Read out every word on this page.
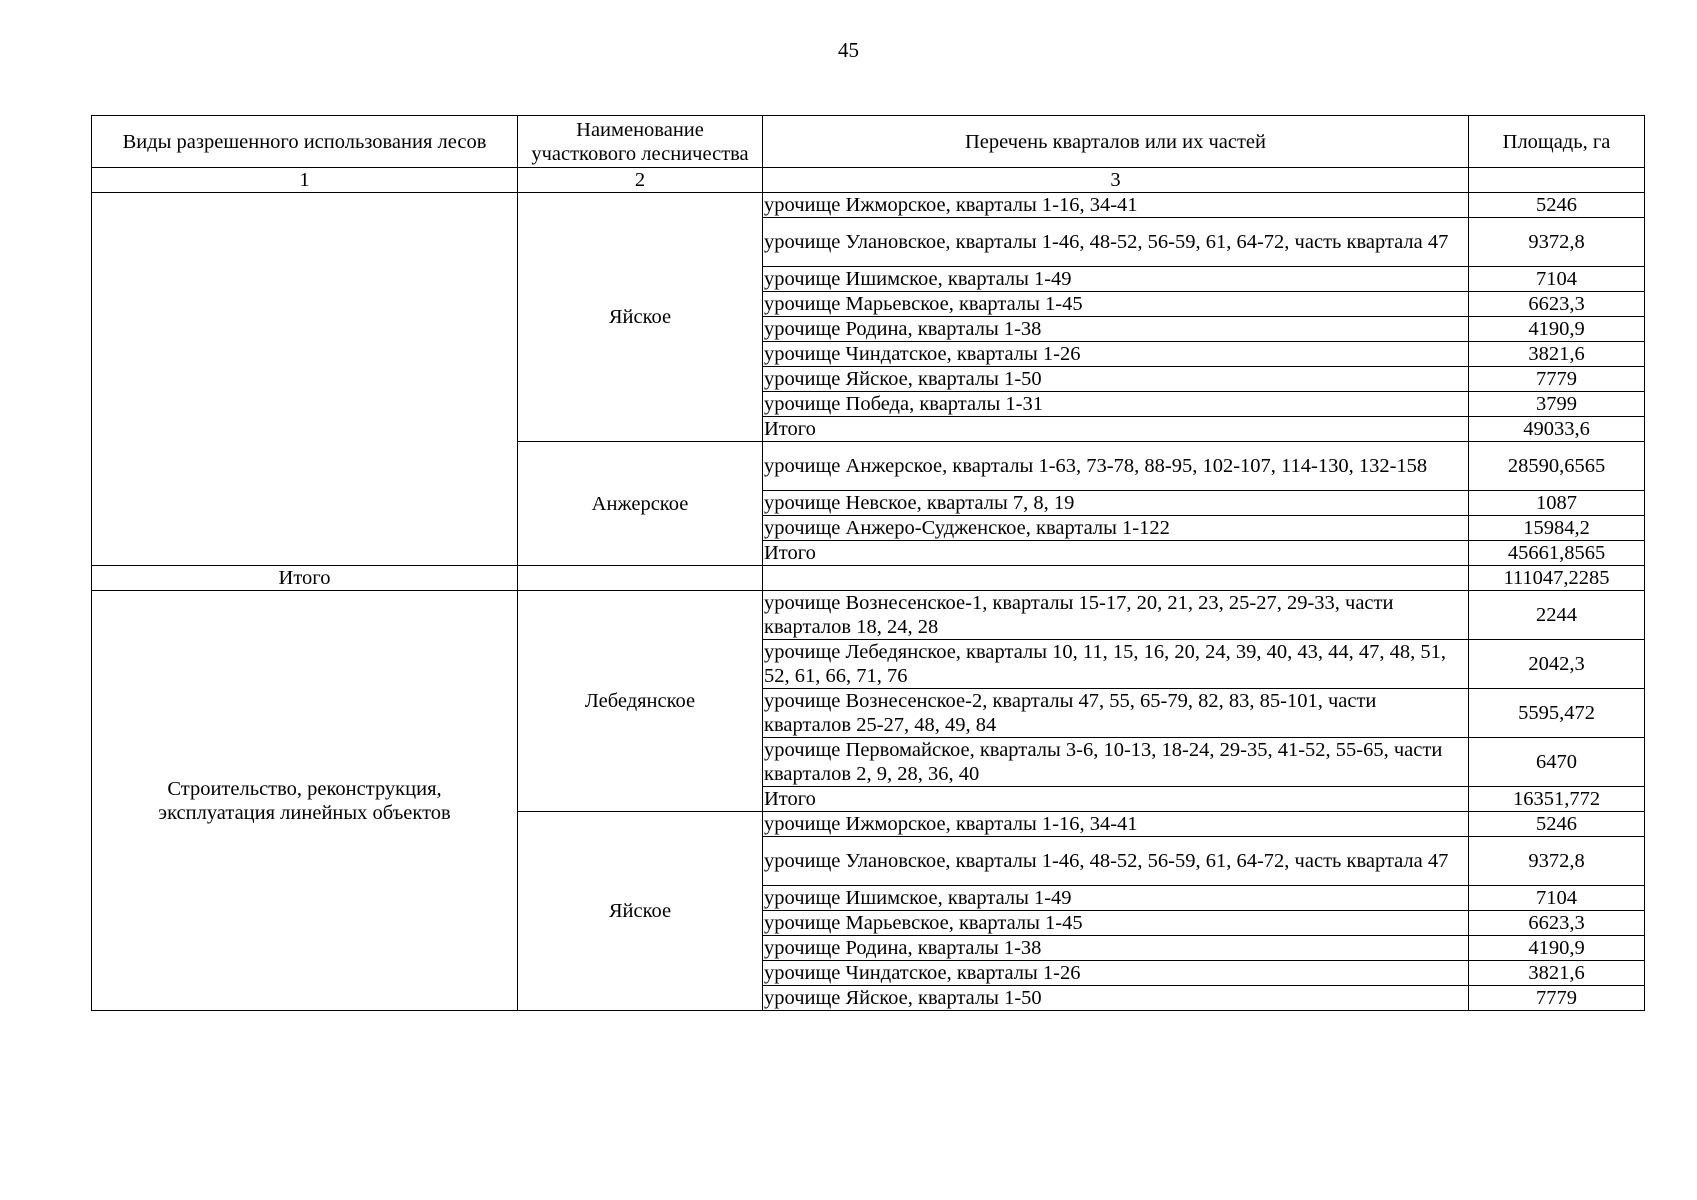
45
Виды разрешенного использования лесов	Наименование
участкового лесничества	Перечень кварталов или их частей	Площадь, га
1	2	3	
	Яйское	урочище Ижморское, кварталы 1-16, 34-41	5246
		урочище Улановское, кварталы 1-46, 48-52, 56-59, 61, 64-72, часть квартала 47	9372,8
		урочище Ишимское, кварталы 1-49	7104
		урочище Марьевское, кварталы 1-45	6623,3
		урочище Родина, кварталы 1-38	4190,9
		урочище Чиндатское, кварталы 1-26	3821,6
		урочище Яйское, кварталы 1-50	7779
		урочище Победа, кварталы 1-31	3799
		Итого	49033,6
	Анжерское	урочище Анжерское, кварталы 1-63, 73-78, 88-95, 102-107, 114-130, 132-158	28590,6565
		урочище Невское, кварталы 7, 8, 19	1087
		урочище Анжеро-Судженское, кварталы 1-122	15984,2
		Итого	45661,8565
Итого			111047,2285
Строительство, реконструкция, эксплуатация линейных объектов	Лебедянское	урочище Вознесенское-1, кварталы 15-17, 20, 21, 23, 25-27, 29-33, части кварталов 18, 24, 28	2244
		урочище Лебедянское, кварталы 10, 11, 15, 16, 20, 24, 39, 40, 43, 44, 47, 48, 51, 52, 61, 66, 71, 76	2042,3
		урочище Вознесенское-2, кварталы 47, 55, 65-79, 82, 83, 85-101, части кварталов 25-27, 48, 49, 84	5595,472
		урочище Первомайское, кварталы 3-6, 10-13, 18-24, 29-35, 41-52, 55-65, части кварталов 2, 9, 28, 36, 40	6470
		Итого	16351,772
	Яйское	урочище Ижморское, кварталы 1-16, 34-41	5246
		урочище Улановское, кварталы 1-46, 48-52, 56-59, 61, 64-72, часть квартала 47	9372,8
		урочище Ишимское, кварталы 1-49	7104
		урочище Марьевское, кварталы 1-45	6623,3
		урочище Родина, кварталы 1-38	4190,9
		урочище Чиндатское, кварталы 1-26	3821,6
		урочище Яйское, кварталы 1-50	7779
